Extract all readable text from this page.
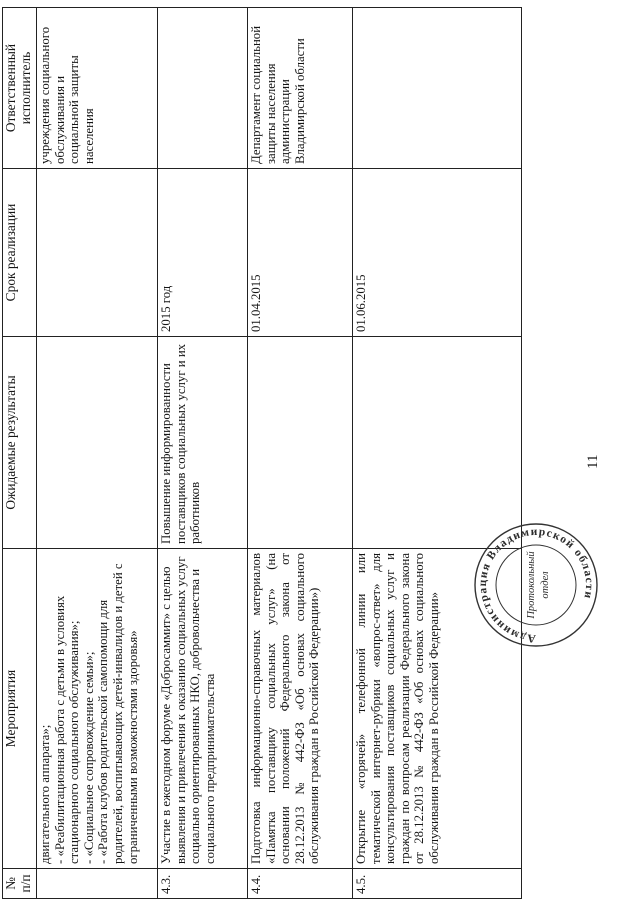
№ п/п	Мероприятия	Ожидаемые результаты	Срок реализации	Ответственный исполнитель

	двигательного аппарата»; - «Реабилитационная работа с детьми в условиях стационарного социального обслуживания»; - «Социальное сопровождение семьи»; - «Работа клубов родительской самопомощи для родителей, воспитывающих детей-инвалидов и детей с ограниченными возможностями здоровья»			учреждения социального обслуживания и социальной защиты населения
4.3.	Участие в ежегодном форуме «Добросаммит» с целью выявления и привлечения к оказанию социальных услуг социально ориентированных НКО, добровольчества и социального предпринимательства	Повышение информированности поставщиков социальных услуг и их работников	2015 год	
4.4.	Подготовка информационно-справочных материалов «Памятка поставщику социальных услуг» (на основании положений Федерального закона от 28.12.2013 № 442-ФЗ «Об основах социального обслуживания граждан в Российской Федерации»)		01.04.2015	Департамент социальной защиты населения администрации Владимирской области
4.5.	Открытие «горячей» телефонной линии или тематической интернет-рубрики «вопрос-ответ» для консультирования поставщиков социальных услуг и граждан по вопросам реализации Федерального закона от 28.12.2013 № 442-ФЗ «Об основах социального обслуживания граждан в Российской Федерации»		01.06.2015	
11
Администрация Владимирской области
Протокольный отдел
